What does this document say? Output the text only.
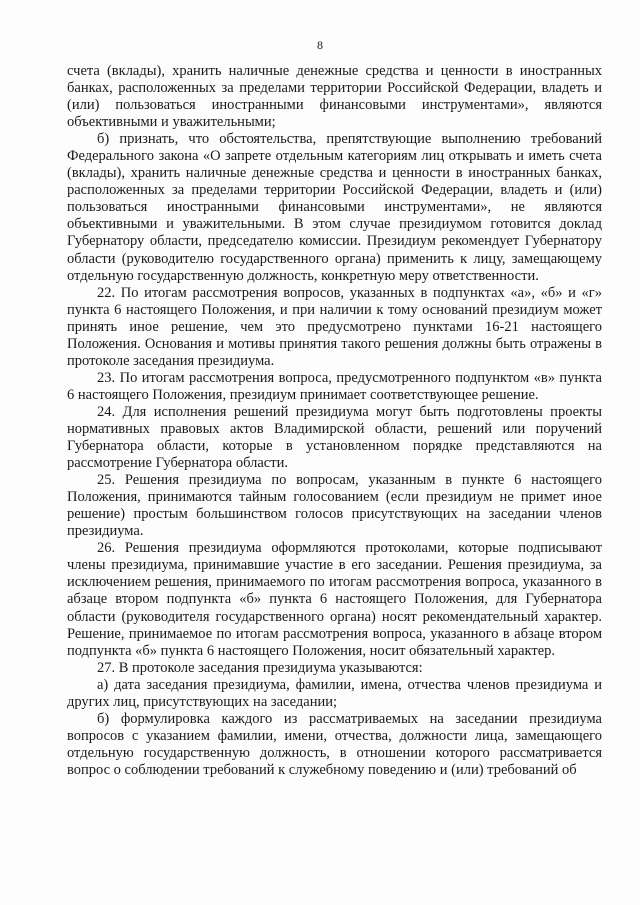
8

счета (вклады), хранить наличные денежные средства и ценности в иностранных банках, расположенных за пределами территории Российской Федерации, владеть и (или) пользоваться иностранными финансовыми инструментами», являются объективными и уважительными;

б) признать, что обстоятельства, препятствующие выполнению требований Федерального закона «О запрете отдельным категориям лиц открывать и иметь счета (вклады), хранить наличные денежные средства и ценности в иностранных банках, расположенных за пределами территории Российской Федерации, владеть и (или) пользоваться иностранными финансовыми инструментами», не являются объективными и уважительными. В этом случае президиумом готовится доклад Губернатору области, председателю комиссии. Президиум рекомендует Губернатору области (руководителю государственного органа) применить к лицу, замещающему отдельную государственную должность, конкретную меру ответственности.

22. По итогам рассмотрения вопросов, указанных в подпунктах «а», «б» и «г» пункта 6 настоящего Положения, и при наличии к тому оснований президиум может принять иное решение, чем это предусмотрено пунктами 16-21 настоящего Положения. Основания и мотивы принятия такого решения должны быть отражены в протоколе заседания президиума.

23. По итогам рассмотрения вопроса, предусмотренного подпунктом «в» пункта 6 настоящего Положения, президиум принимает соответствующее решение.

24. Для исполнения решений президиума могут быть подготовлены проекты нормативных правовых актов Владимирской области, решений или поручений Губернатора области, которые в установленном порядке представляются на рассмотрение Губернатора области.

25. Решения президиума по вопросам, указанным в пункте 6 настоящего Положения, принимаются тайным голосованием (если президиум не примет иное решение) простым большинством голосов присутствующих на заседании членов президиума.

26. Решения президиума оформляются протоколами, которые подписывают члены президиума, принимавшие участие в его заседании. Решения президиума, за исключением решения, принимаемого по итогам рассмотрения вопроса, указанного в абзаце втором подпункта «б» пункта 6 настоящего Положения, для Губернатора области (руководителя государственного органа) носят рекомендательный характер. Решение, принимаемое по итогам рассмотрения вопроса, указанного в абзаце втором подпункта «б» пункта 6 настоящего Положения, носит обязательный характер.

27. В протоколе заседания президиума указываются:

а) дата заседания президиума, фамилии, имена, отчества членов президиума и других лиц, присутствующих на заседании;

б) формулировка каждого из рассматриваемых на заседании президиума вопросов с указанием фамилии, имени, отчества, должности лица, замещающего отдельную государственную должность, в отношении которого рассматривается вопрос о соблюдении требований к служебному поведению и (или) требований об
